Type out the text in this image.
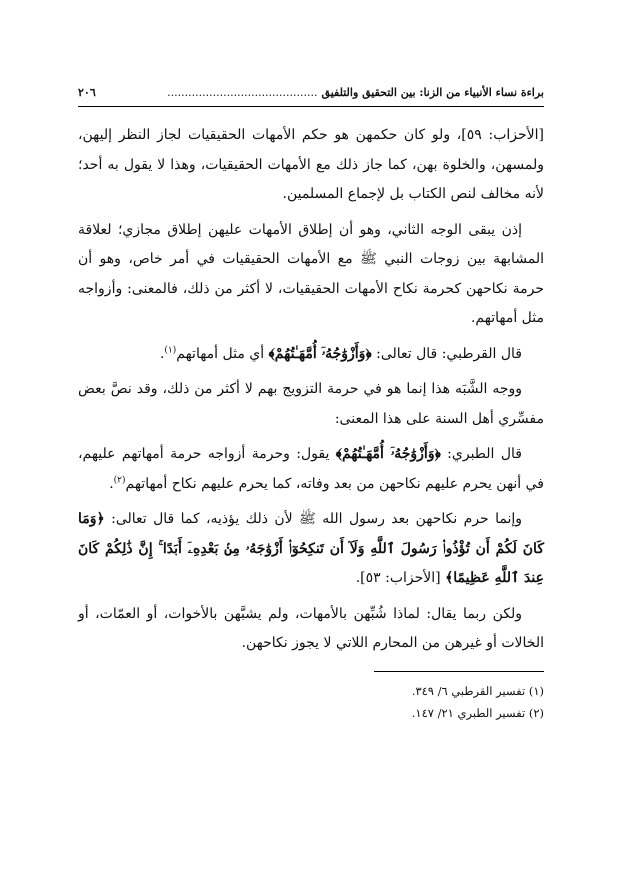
براءة نساء الأنبياء من الزنا: بين التحقيق والتلفيق
...........................................
٢٠٦

[الأحزاب: ٥٩]، ولو كان حكمهن هو حكم الأمهات الحقيقيات لجاز النظر إليهن، ولمسهن، والخلوة بهن، كما جاز ذلك مع الأمهات الحقيقيات، وهذا لا يقول به أحد؛ لأنه مخالف لنص الكتاب بل لإجماع المسلمين.

إذن يبقى الوجه الثاني، وهو أن إطلاق الأمهات عليهن إطلاق مجازي؛ لعلاقة المشابهة بين زوجات النبي ﷺ مع الأمهات الحقيقيات في أمر خاص، وهو أن حرمة نكاحهن كحرمة نكاح الأمهات الحقيقيات، لا أكثر من ذلك، فالمعنى: وأزواجه مثل أمهاتهم.

قال القرطبي: قال تعالى: ﴿وَأَزْوَٰجُهُۥٓ أُمَّهَـٰتُهُمْ﴾ أي مثل أمهاتهم$^{(١)}$.

ووجه الشَّبَه هذا إنما هو في حرمة التزويج بهم لا أكثر من ذلك، وقد نصَّ بعض مفسِّري أهل السنة على هذا المعنى:

قال الطبري: ﴿وَأَزْوَٰجُهُۥٓ أُمَّهَـٰتُهُمْ﴾ يقول: وحرمة أزواجه حرمة أمهاتهم عليهم، في أنهن يحرم عليهم نكاحهن من بعد وفاته، كما يحرم عليهم نكاح أمهاتهم$^{(٢)}$.

وإنما حرم نكاحهن بعد رسول الله ﷺ لأن ذلك يؤذيه، كما قال تعالى: ﴿وَمَا كَانَ لَكُمْ أَن تُؤْذُوا۟ رَسُولَ ٱللَّهِ وَلَآ أَن تَنكِحُوٓا۟ أَزْوَٰجَهُۥ مِنۢ بَعْدِهِۦٓ أَبَدًا ۚ إِنَّ ذَٰلِكُمْ كَانَ عِندَ ٱللَّهِ عَظِيمًا﴾ [الأحزاب: ٥٣].

ولكن ربما يقال: لماذا شُبِّهن بالأمهات، ولم يشبَّهن بالأخوات، أو العمّات، أو الخالات أو غيرهن من المحارم اللاتي لا يجوز نكاحهن.

(١) تفسير القرطبي ٦/ ٣٤٩.
(٢) تفسير الطبري ٢١/ ١٤٧.
